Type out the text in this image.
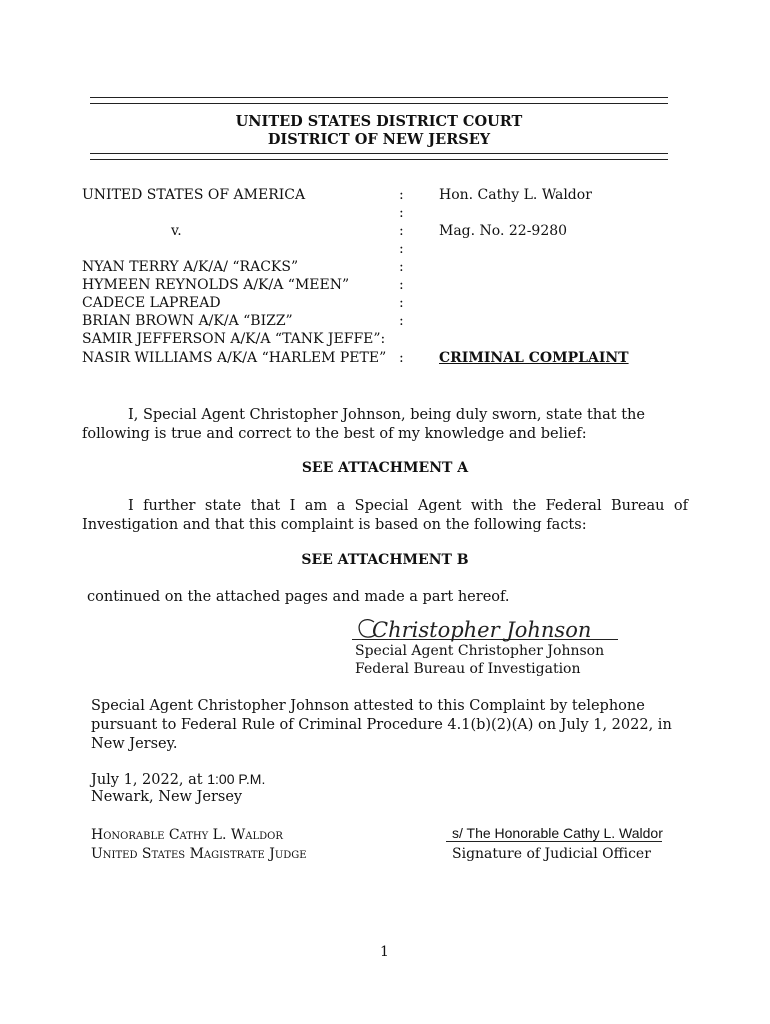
UNITED STATES DISTRICT COURT
DISTRICT OF NEW JERSEY
UNITED STATES OF AMERICA
v.
NYAN TERRY A/K/A/ “RACKS”
HYMEEN REYNOLDS A/K/A “MEEN”
CADECE LAPREAD
BRIAN BROWN A/K/A “BIZZ”
SAMIR JEFFERSON A/K/A “TANK JEFFE”:
NASIR WILLIAMS A/K/A “HARLEM PETE”
:
:
:
:
:
:
:
:
:
Hon. Cathy L. Waldor
Mag. No. 22-9280
CRIMINAL COMPLAINT
I, Special Agent Christopher Johnson, being duly sworn, state that the following is true and correct to the best of my knowledge and belief:
SEE ATTACHMENT A
I further state that I am a Special Agent with the Federal Bureau of Investigation and that this complaint is based on the following facts:
SEE ATTACHMENT B
continued on the attached pages and made a part hereof.
Christopher Johnson
Special Agent Christopher Johnson
Federal Bureau of Investigation
Special Agent Christopher Johnson attested to this Complaint by telephone pursuant to Federal Rule of Criminal Procedure 4.1(b)(2)(A) on July 1, 2022, in New Jersey.
July 1, 2022, at 1:00 P.M.
Newark, New Jersey
Honorable Cathy L. Waldor
United States Magistrate Judge
s/ The Honorable Cathy L. Waldor
Signature of Judicial Officer
1
